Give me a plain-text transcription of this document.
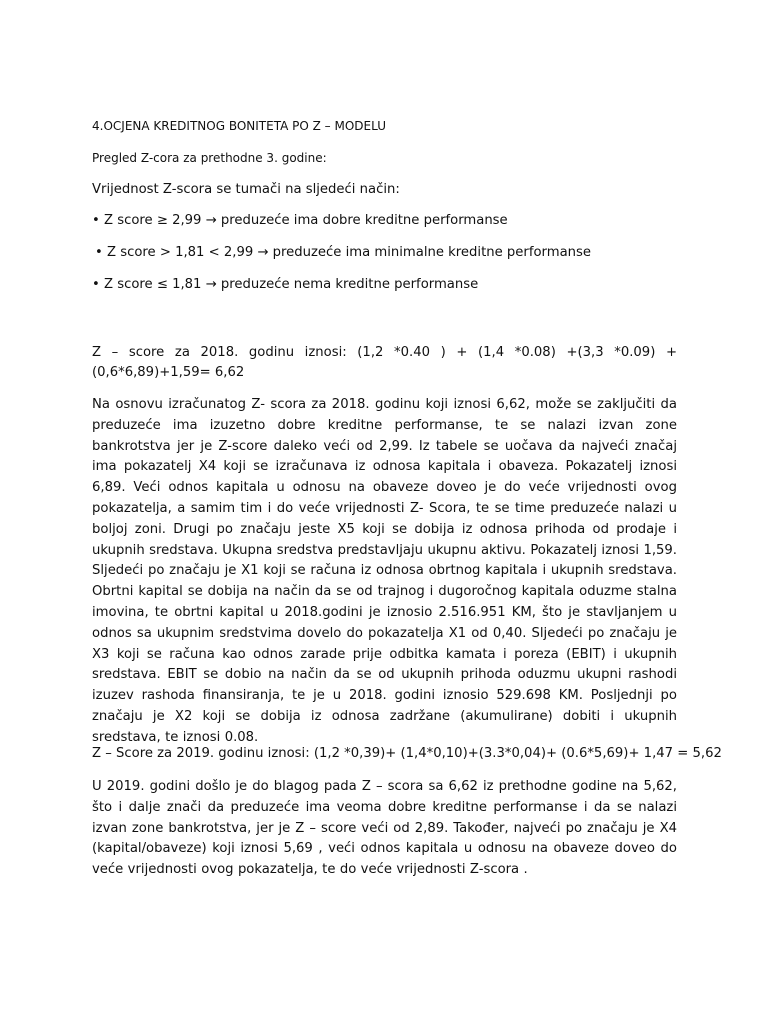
4.OCJENA KREDITNOG BONITETA PO Z – MODELU

Pregled Z-cora za prethodne 3. godine:

Vrijednost Z-scora se tumači na sljedeći način:

• Z score ≥ 2,99 → preduzeće ima dobre kreditne performanse

• Z score > 1,81 < 2,99 → preduzeće ima minimalne kreditne performanse

• Z score ≤ 1,81 → preduzeće nema kreditne performanse

Z – score za 2018. godinu iznosi: (1,2 *0.40 ) + (1,4 *0.08) +(3,3 *0.09) + (0,6*6,89)+1,59= 6,62

Na osnovu izračunatog Z- scora za 2018. godinu koji iznosi 6,62, može se zaključiti da preduzeće ima izuzetno dobre kreditne performanse, te se nalazi izvan zone bankrotstva jer je Z-score daleko veći od 2,99. Iz tabele se uočava da najveći značaj ima pokazatelj X4 koji se izračunava iz odnosa kapitala i obaveza. Pokazatelj iznosi 6,89. Veći odnos kapitala u odnosu na obaveze doveo je do veće vrijednosti ovog pokazatelja, a samim tim i do veće vrijednosti Z- Scora, te se time preduzeće nalazi u boljoj zoni. Drugi po značaju jeste X5 koji se dobija iz odnosa prihoda od prodaje i ukupnih sredstava. Ukupna sredstva predstavljaju ukupnu aktivu. Pokazatelj iznosi 1,59. Sljedeći po značaju je X1 koji se računa iz odnosa obrtnog kapitala i ukupnih sredstava. Obrtni kapital se dobija na način da se od trajnog i dugoročnog kapitala oduzme stalna imovina, te obrtni kapital u 2018.godini je iznosio 2.516.951 KM, što je stavljanjem u odnos sa ukupnim sredstvima dovelo do pokazatelja X1 od 0,40. Sljedeći po značaju je X3 koji se računa kao odnos zarade prije odbitka kamata i poreza (EBIT) i ukupnih sredstava. EBIT se dobio na način da se od ukupnih prihoda oduzmu ukupni rashodi izuzev rashoda finansiranja, te je u 2018. godini iznosio 529.698 KM. Posljednji po značaju je X2 koji se dobija iz odnosa zadržane (akumulirane) dobiti i ukupnih sredstava, te iznosi 0.08.

Z – Score za 2019. godinu iznosi: (1,2 *0,39)+ (1,4*0,10)+(3.3*0,04)+ (0.6*5,69)+ 1,47 = 5,62

U 2019. godini došlo je do blagog pada Z – scora sa 6,62 iz prethodne godine na 5,62, što i dalje znači da preduzeće ima veoma dobre kreditne performanse i da se nalazi izvan zone bankrotstva, jer je Z – score veći od 2,89. Također, najveći po značaju je X4 (kapital/obaveze) koji iznosi 5,69 , veći odnos kapitala u odnosu na obaveze doveo do veće vrijednosti ovog pokazatelja, te do veće vrijednosti Z-scora .
